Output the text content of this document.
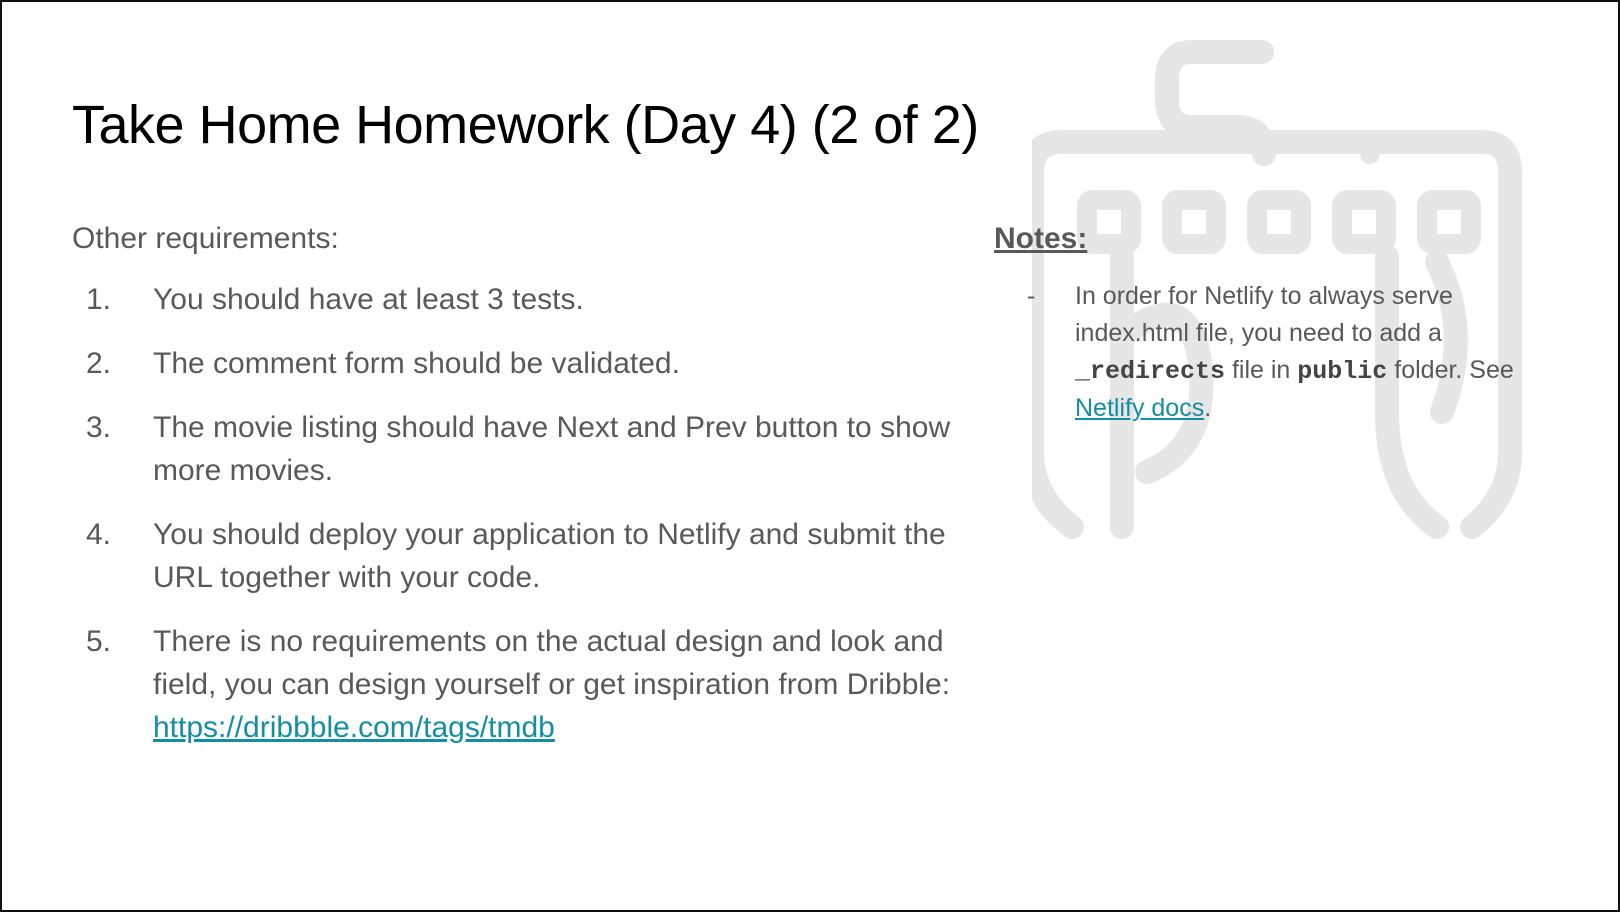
Take Home Homework (Day 4) (2 of 2)

Other requirements:

1. You should have at least 3 tests.
2. The comment form should be validated.
3. The movie listing should have Next and Prev button to show more movies.
4. You should deploy your application to Netlify and submit the URL together with your code.
5. There is no requirements on the actual design and look and field, you can design yourself or get inspiration from Dribble: https://dribbble.com/tags/tmdb

Notes:

- In order for Netlify to always serve index.html file, you need to add a _redirects file in public folder. See Netlify docs.
